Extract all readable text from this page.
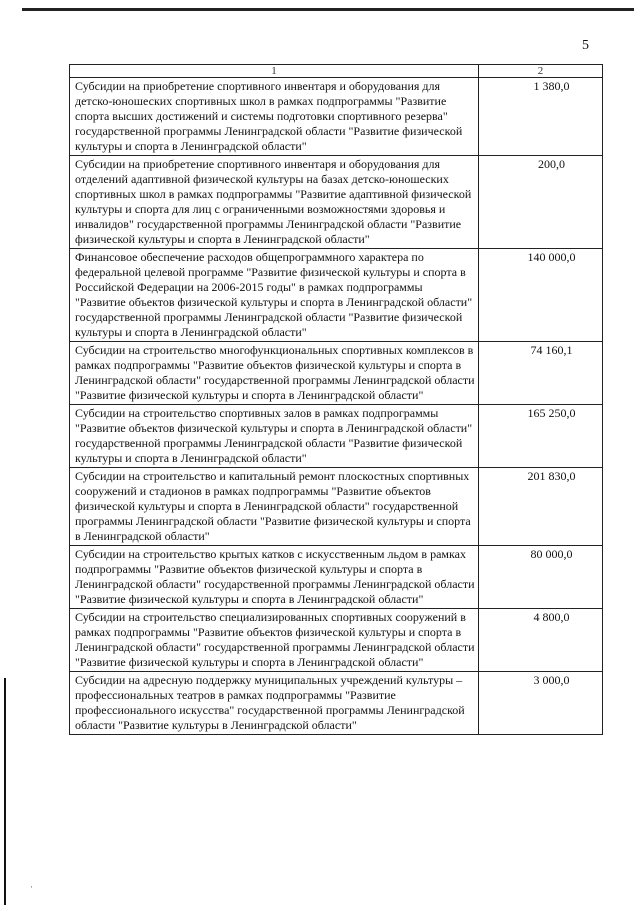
5
·
1	2
Субсидии на приобретение спортивного инвентаря и оборудования для детско-юношеских спортивных школ в рамках подпрограммы "Развитие спорта высших достижений и системы подготовки спортивного резерва" государственной программы Ленинградской области "Развитие физической культуры и спорта в Ленинградской области"	1 380,0
Субсидии на приобретение спортивного инвентаря и оборудования для отделений адаптивной физической культуры на базах детско-юношеских спортивных школ в рамках подпрограммы "Развитие адаптивной физической культуры и спорта для лиц с ограниченными возможностями здоровья и инвалидов" государственной программы Ленинградской области "Развитие физической культуры и спорта в Ленинградской области"	200,0
Финансовое обеспечение расходов общепрограммного характера по федеральной целевой программе "Развитие физической культуры и спорта в Российской Федерации на 2006-2015 годы" в рамках подпрограммы "Развитие объектов физической культуры и спорта в Ленинградской области" государственной программы Ленинградской области "Развитие физической культуры и спорта в Ленинградской области"	140 000,0
Субсидии на строительство многофункциональных спортивных комплексов в рамках подпрограммы "Развитие объектов физической культуры и спорта в Ленинградской области" государственной программы Ленинградской области "Развитие физической культуры и спорта в Ленинградской области"	74 160,1
Субсидии на строительство спортивных залов в рамках подпрограммы "Развитие объектов физической культуры и спорта в Ленинградской области" государственной программы Ленинградской области "Развитие физической культуры и спорта в Ленинградской области"	165 250,0
Субсидии на строительство и капитальный ремонт плоскостных спортивных сооружений и стадионов в рамках подпрограммы "Развитие объектов физической культуры и спорта в Ленинградской области" государственной программы Ленинградской области "Развитие физической культуры и спорта в Ленинградской области"	201 830,0
Субсидии на строительство крытых катков с искусственным льдом в рамках подпрограммы "Развитие объектов физической культуры и спорта в Ленинградской области" государственной программы Ленинградской области "Развитие физической культуры и спорта в Ленинградской области"	80 000,0
Субсидии на строительство специализированных спортивных сооружений в рамках подпрограммы "Развитие объектов физической культуры и спорта в Ленинградской области" государственной программы Ленинградской области "Развитие физической культуры и спорта в Ленинградской области"	4 800,0
Субсидии на адресную поддержку муниципальных учреждений культуры – профессиональных театров в рамках подпрограммы "Развитие профессионального искусства" государственной программы Ленинградской области "Развитие культуры в Ленинградской области"	3 000,0
